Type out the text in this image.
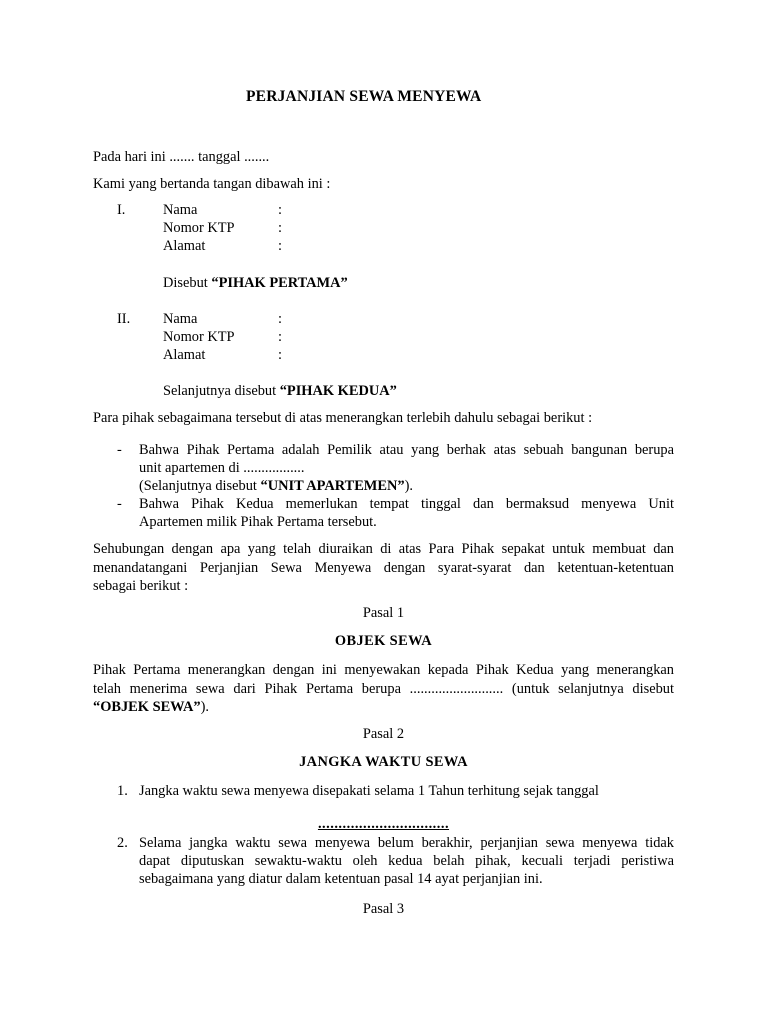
PERJANJIAN SEWA MENYEWA
Pada hari ini ....... tanggal .......
Kami yang bertanda tangan dibawah ini :
I.	Nama	:
Nomor KTP	:
Alamat	:
Disebut “PIHAK PERTAMA”
II. Nama	:
Nomor KTP	:
Alamat	:
Selanjutnya disebut “PIHAK KEDUA”
Para pihak sebagaimana tersebut di atas menerangkan terlebih dahulu sebagai berikut :
- Bahwa Pihak Pertama adalah Pemilik atau yang berhak atas sebuah bangunan berupa
unit apartemen di .................
(Selanjutnya disebut “UNIT APARTEMEN”).
- Bahwa Pihak Kedua memerlukan tempat tinggal dan bermaksud menyewa Unit
Apartemen milik Pihak Pertama tersebut.
Sehubungan dengan apa yang telah diuraikan di atas Para Pihak sepakat untuk membuat dan
menandatangani Perjanjian Sewa Menyewa dengan syarat-syarat dan ketentuan-ketentuan
sebagai berikut :
Pasal 1
OBJEK SEWA
Pihak Pertama menerangkan dengan ini menyewakan kepada Pihak Kedua yang menerangkan
telah menerima sewa dari Pihak Pertama berupa .......................... (untuk selanjutnya disebut
“OBJEK SEWA”).
Pasal 2
JANGKA WAKTU SEWA
1. Jangka waktu sewa menyewa disepakati selama 1 Tahun terhitung sejak tanggal
................................
2. Selama jangka waktu sewa menyewa belum berakhir, perjanjian sewa menyewa tidak
dapat diputuskan sewaktu-waktu oleh kedua belah pihak, kecuali terjadi peristiwa
sebagaimana yang diatur dalam ketentuan pasal 14 ayat perjanjian ini.
Pasal 3
